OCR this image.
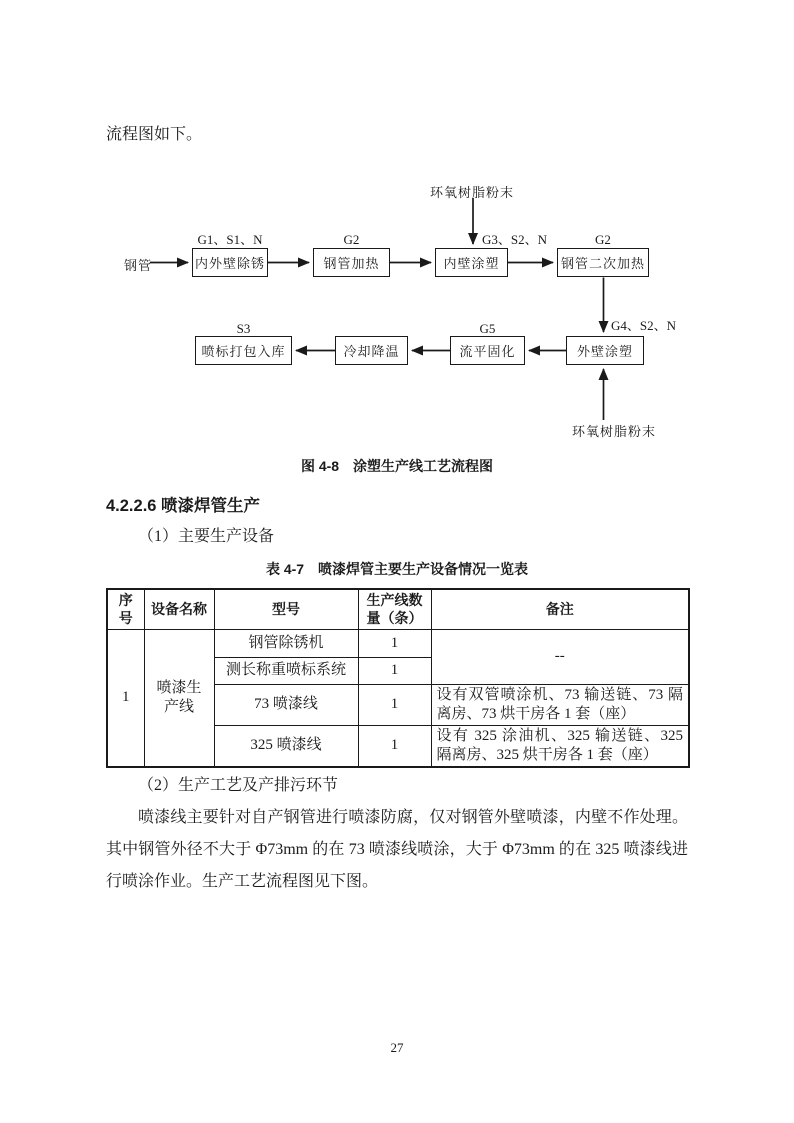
流程图如下。

环氧树脂粉末
钢管
G1、S1、N	G2	G3、S2、N	G2
内外壁除锈	钢管加热	内壁涂塑	钢管二次加热
G4、S2、N
S3	G5
喷标打包入库	冷却降温	流平固化	外壁涂塑
环氧树脂粉末

图 4-8　涂塑生产线工艺流程图

4.2.2.6 喷漆焊管生产

（1）主要生产设备

表 4-7　喷漆焊管主要生产设备情况一览表

序号	设备名称	型号	生产线数量（条）	备注
1	喷漆生产线	钢管除锈机	1	--
		测长称重喷标系统	1	
		73 喷漆线	1	设有双管喷涂机、73 输送链、73 隔离房、73 烘干房各 1 套（座）
		325 喷漆线	1	设有 325 涂油机、325 输送链、325 隔离房、325 烘干房各 1 套（座）

（2）生产工艺及产排污环节

喷漆线主要针对自产钢管进行喷漆防腐，仅对钢管外壁喷漆，内壁不作处理。其中钢管外径不大于 Φ73mm 的在 73 喷漆线喷涂，大于 Φ73mm 的在 325 喷漆线进行喷涂作业。生产工艺流程图见下图。

27
